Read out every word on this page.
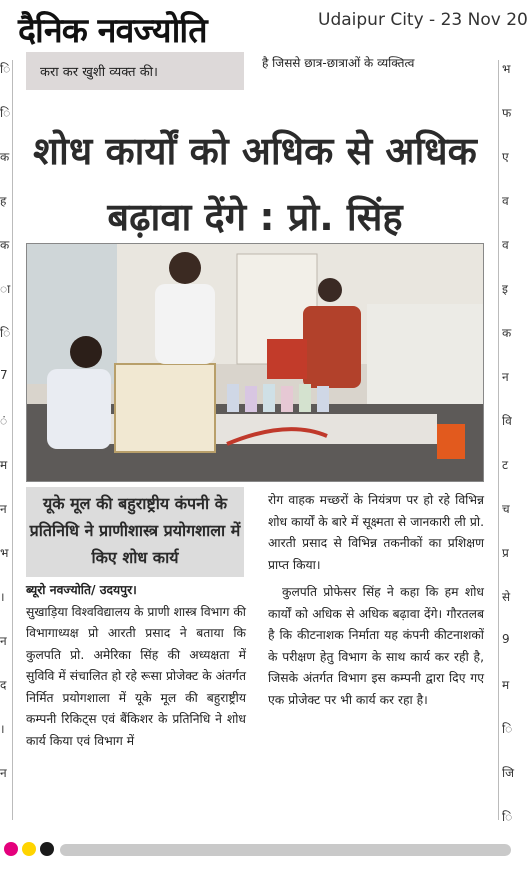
दैनिक नवज्योति	Udaipur City - 23 Nov 20
ि
ि
क
ह
क
ा
ि
7
ं
म
न
भ
।
न
द
।
न
भ
फ
ए
व
व
इ
क
न
वि
ट
च
प्र
से
9
म
ि
जि
ि
करा कर खुशी व्यक्त की।
है जिससे छात्र-छात्राओं के व्यक्तित्व
शोध कार्यों को अधिक से अधिक बढ़ावा देंगे : प्रो. सिंह
यूके मूल की बहुराष्ट्रीय कंपनी के प्रतिनिधि ने प्राणीशास्त्र प्रयोगशाला में किए शोध कार्य
ब्यूरो नवज्योति/ उदयपुर।
सुखाड़िया विश्वविद्यालय के प्राणी शास्त्र विभाग की विभागाध्यक्ष प्रो आरती प्रसाद ने बताया कि कुलपति प्रो. अमेरिका सिंह की अध्यक्षता में सुविवि में संचालित हो रहे रूसा प्रोजेक्ट के अंतर्गत निर्मित प्रयोगशाला में यूके मूल की बहुराष्ट्रीय कम्पनी रिकिट्स एवं बैंकिशर के प्रतिनिधि ने शोध कार्य किया एवं विभाग में
रोग वाहक मच्छरों के नियंत्रण पर हो रहे विभिन्न शोध कार्यों के बारे में सूक्ष्मता से जानकारी ली प्रो. आरती प्रसाद से विभिन्न तकनीकों का प्रशिक्षण प्राप्त किया।
कुलपति प्रोफेसर सिंह ने कहा कि हम शोध कार्यों को अधिक से अधिक बढ़ावा देंगे। गौरतलब है कि कीटनाशक निर्माता यह कंपनी कीटनाशकों के परीक्षण हेतु विभाग के साथ कार्य कर रही है, जिसके अंतर्गत विभाग इस कम्पनी द्वारा दिए गए एक प्रोजेक्ट पर भी कार्य कर रहा है।
